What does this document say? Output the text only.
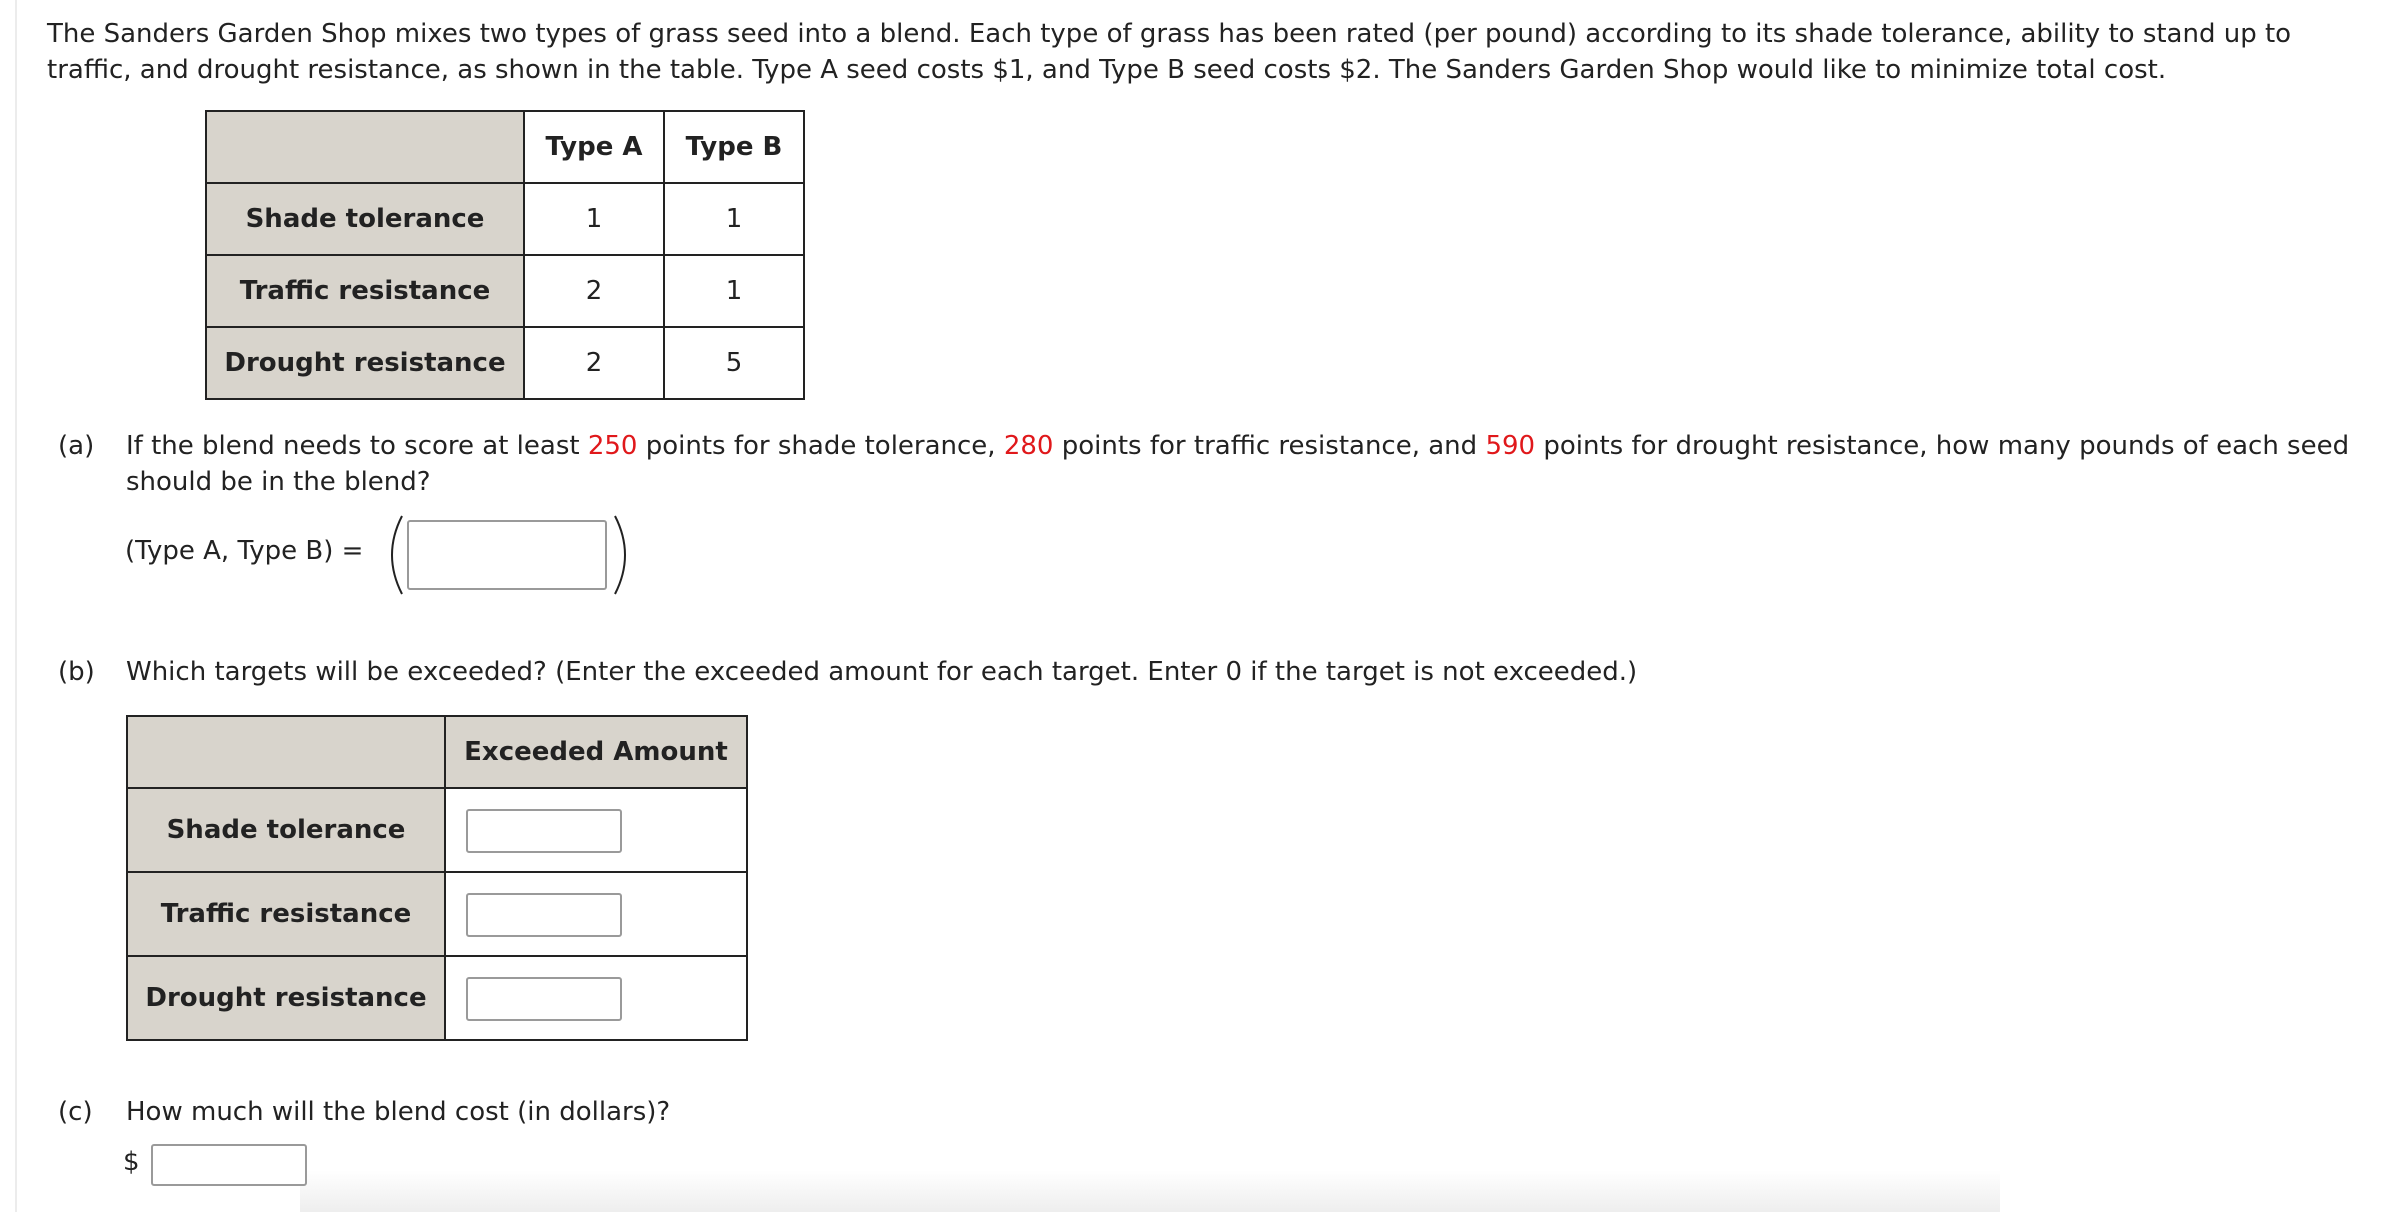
The Sanders Garden Shop mixes two types of grass seed into a blend. Each type of grass has been rated (per pound) according to its shade tolerance, ability to stand up to traffic, and drought resistance, as shown in the table. Type A seed costs $1, and Type B seed costs $2. The Sanders Garden Shop would like to minimize total cost.
	Type A	Type B
Shade tolerance	1	1
Traffic resistance	2	1
Drought resistance	2	5
(a) If the blend needs to score at least 250 points for shade tolerance, 280 points for traffic resistance, and 590 points for drought resistance, how many pounds of each seed
should be in the blend?
(Type A, Type B) =
(b) Which targets will be exceeded? (Enter the exceeded amount for each target. Enter 0 if the target is not exceeded.)
	Exceeded Amount
Shade tolerance	

Traffic resistance	

Drought resistance	
(c) How much will the blend cost (in dollars)?
$
